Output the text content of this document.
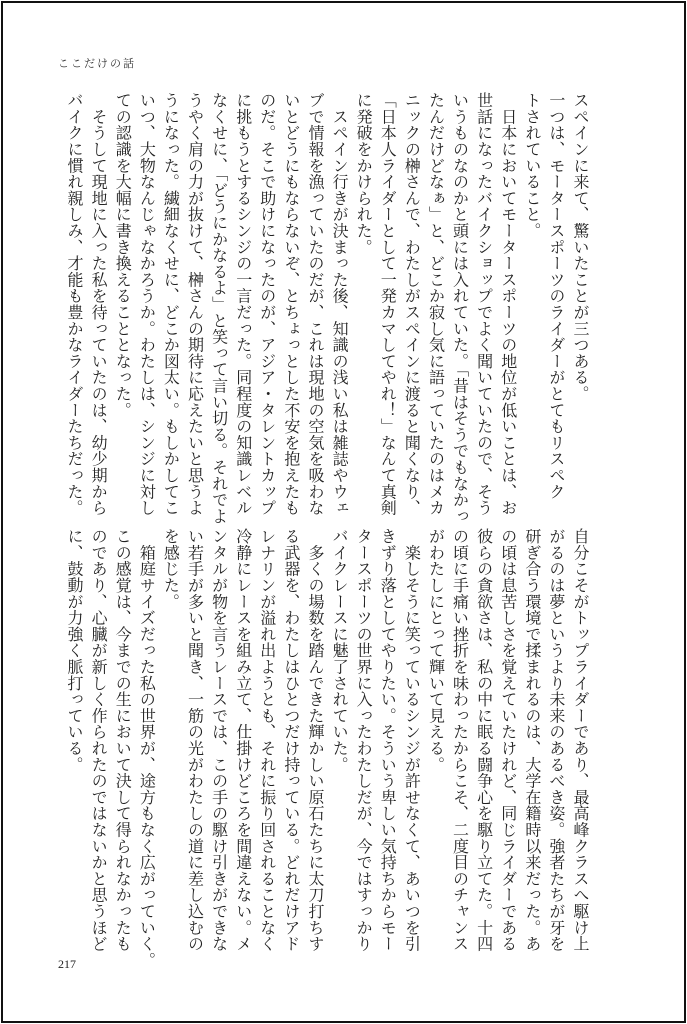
ここだけの話
スペインに来て、驚いたことが三つある。
一つは、モータースポーツのライダーがとてもリスペク
トされていること。
　日本においてモータースポーツの地位が低いことは、お
世話になったバイクショップでよく聞いていたので、そう
いうものなのかと頭には入れていた。「昔はそうでもなかっ
たんだけどなぁ」と、どこか寂し気に語っていたのはメカ
ニックの榊さんで、わたしがスペインに渡ると聞くなり、
「日本人ライダーとして一発カマしてやれ！」なんて真剣
に発破をかけられた。
　スペイン行きが決まった後、知識の浅い私は雑誌やウェ
ブで情報を漁っていたのだが、これは現地の空気を吸わな
いとどうにもならないぞ、とちょっとした不安を抱えたも
のだ。そこで助けになったのが、アジア・タレントカップ
に挑もうとするシンジの一言だった。同程度の知識レベル
なくせに、「どうにかなるよ」と笑って言い切る。それでよ
うやく肩の力が抜けて、榊さんの期待に応えたいと思うよ
うになった。繊細なくせに、どこか図太い。もしかしてこ
いつ、大物なんじゃなかろうか。わたしは、シンジに対し
ての認識を大幅に書き換えることとなった。
　そうして現地に入った私を待っていたのは、幼少期から
バイクに慣れ親しみ、才能も豊かなライダーたちだった。
自分こそがトップライダーであり、最高峰クラスへ駆け上
がるのは夢というより未来のあるべき姿。強者たちが牙を
研ぎ合う環境で揉まれるのは、大学在籍時以来だった。あ
の頃は息苦しさを覚えていたけれど、同じライダーである
彼らの貪欲さは、私の中に眠る闘争心を駆り立てた。十四
の頃に手痛い挫折を味わったからこそ、二度目のチャンス
がわたしにとって輝いて見える。
　楽しそうに笑っているシンジが許せなくて、あいつを引
きずり落としてやりたい。そういう卑しい気持ちからモー
タースポーツの世界に入ったわたしだが、今ではすっかり
バイクレースに魅了されていた。
　多くの場数を踏んできた輝かしい原石たちに太刀打ちす
る武器を、わたしはひとつだけ持っている。どれだけアド
レナリンが溢れ出ようとも、それに振り回されることなく
冷静にレースを組み立て、仕掛けどころを間違えない。メ
ンタルが物を言うレースでは、この手の駆け引きができな
い若手が多いと聞き、一筋の光がわたしの道に差し込むの
を感じた。
　箱庭サイズだった私の世界が、途方もなく広がっていく。
この感覚は、今までの生において決して得られなかったも
のであり、心臓が新しく作られたのではないかと思うほど
に、鼓動が力強く脈打っている。
217
